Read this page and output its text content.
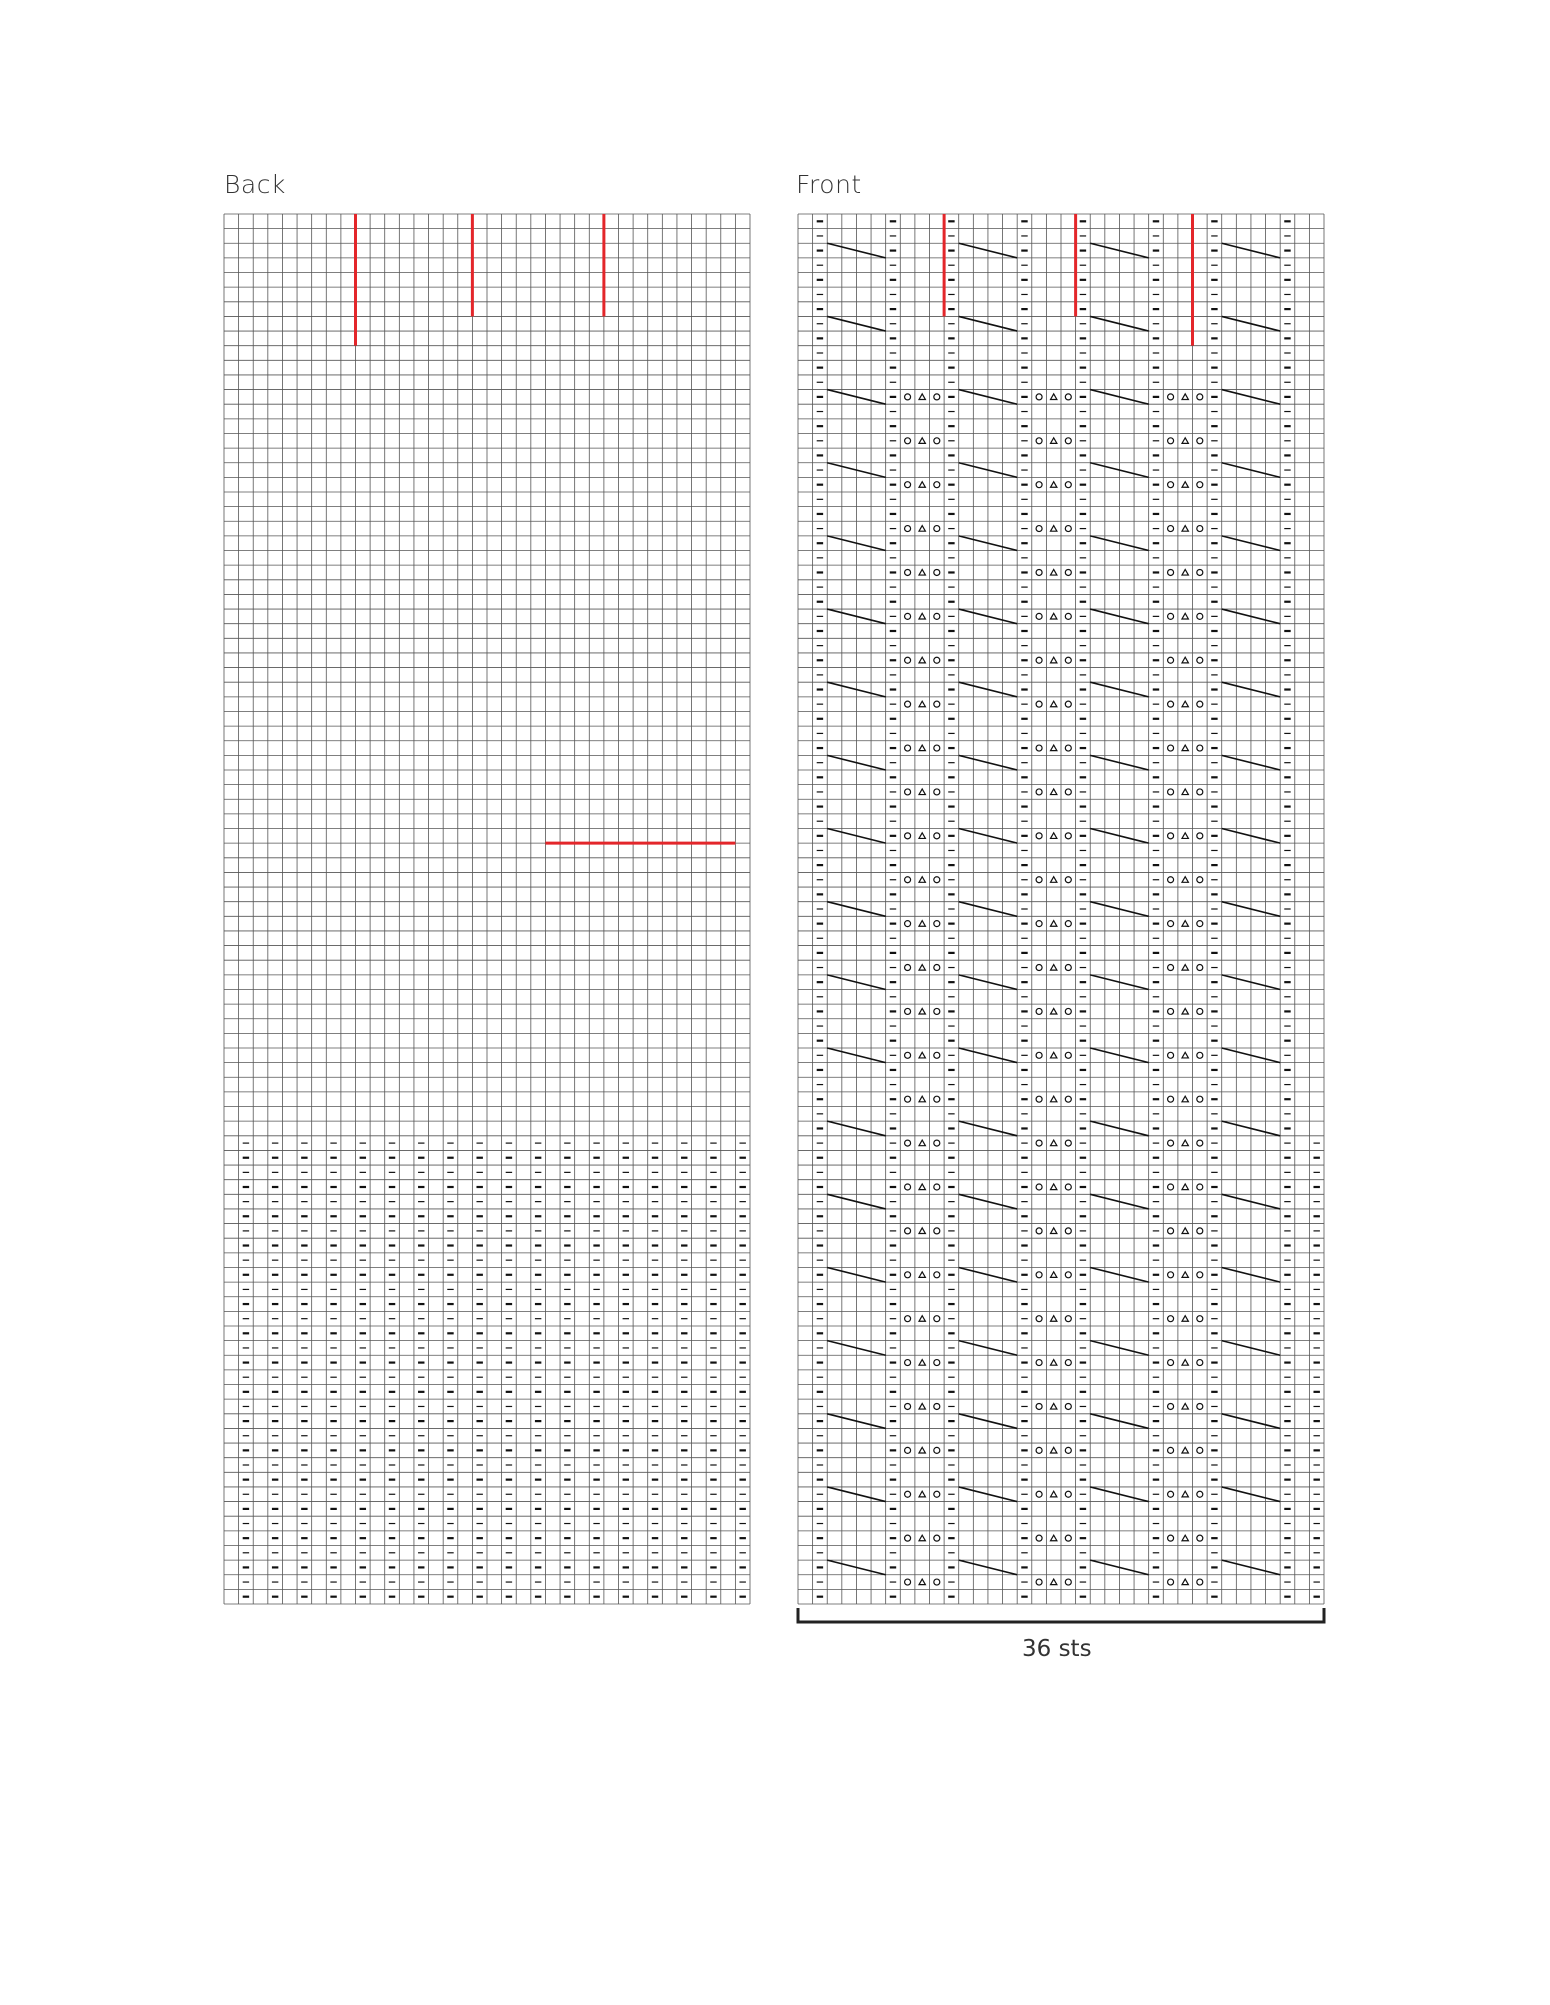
Back	Front
36 sts
